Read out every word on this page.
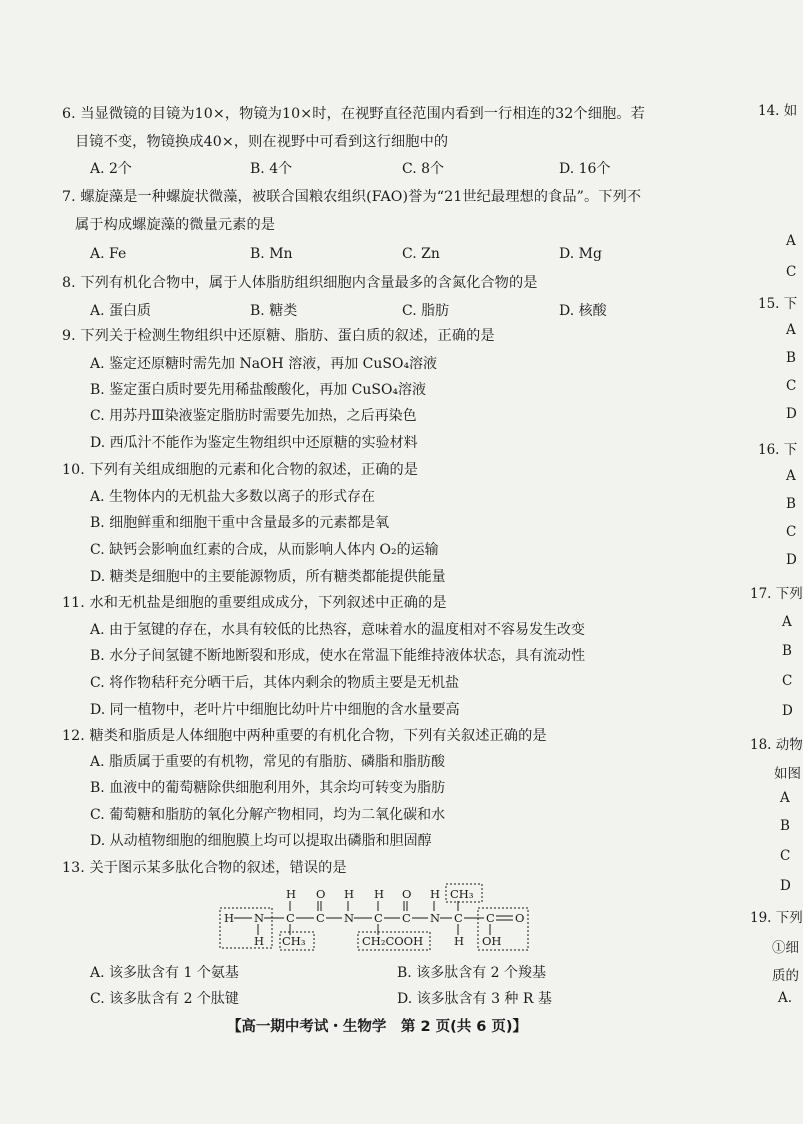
6. 当显微镜的目镜为10×，物镜为10×时，在视野直径范围内看到一行相连的32个细胞。若
目镜不变，物镜换成40×，则在视野中可看到这行细胞中的
A. 2个	B. 4个	C. 8个	D. 16个
7. 螺旋藻是一种螺旋状微藻，被联合国粮农组织(FAO)誉为“21世纪最理想的食品”。下列不
属于构成螺旋藻的微量元素的是
A. Fe	B. Mn	C. Zn	D. Mg
8. 下列有机化合物中，属于人体脂肪组织细胞内含量最多的含氮化合物的是
A. 蛋白质	B. 糖类	C. 脂肪	D. 核酸
9. 下列关于检测生物组织中还原糖、脂肪、蛋白质的叙述，正确的是
A. 鉴定还原糖时需先加 NaOH 溶液，再加 CuSO₄溶液
B. 鉴定蛋白质时要先用稀盐酸酸化，再加 CuSO₄溶液
C. 用苏丹Ⅲ染液鉴定脂肪时需要先加热，之后再染色
D. 西瓜汁不能作为鉴定生物组织中还原糖的实验材料
10. 下列有关组成细胞的元素和化合物的叙述，正确的是
A. 生物体内的无机盐大多数以离子的形式存在
B. 细胞鲜重和细胞干重中含量最多的元素都是氧
C. 缺钙会影响血红素的合成，从而影响人体内 O₂的运输
D. 糖类是细胞中的主要能源物质，所有糖类都能提供能量
11. 水和无机盐是细胞的重要组成成分，下列叙述中正确的是
A. 由于氢键的存在，水具有较低的比热容，意味着水的温度相对不容易发生改变
B. 水分子间氢键不断地断裂和形成，使水在常温下能维持液体状态，具有流动性
C. 将作物秸秆充分晒干后，其体内剩余的物质主要是无机盐
D. 同一植物中，老叶片中细胞比幼叶片中细胞的含水量要高
12. 糖类和脂质是人体细胞中两种重要的有机化合物，下列有关叙述正确的是
A. 脂质属于重要的有机物，常见的有脂肪、磷脂和脂肪酸
B. 血液中的葡萄糖除供细胞利用外，其余均可转变为脂肪
C. 葡萄糖和脂肪的氧化分解产物相同，均为二氧化碳和水
D. 从动植物细胞的细胞膜上均可以提取出磷脂和胆固醇
13. 关于图示某多肽化合物的叙述，错误的是
H O H H O H CH₃
H N C C N C C N C C O
H CH₃	CH₂COOH	H OH
A. 该多肽含有 1 个氨基	B. 该多肽含有 2 个羧基
C. 该多肽含有 2 个肽键	D. 该多肽含有 3 种 R 基
【高一期中考试・生物学　第 2 页(共 6 页)】
14. 如
A
C
15. 下
A
B
C
D
16. 下
A
B
C
D
17. 下列
A
B
C
D
18. 动物
如图
A
B
C
D
19. 下列
①细
质的
A.
